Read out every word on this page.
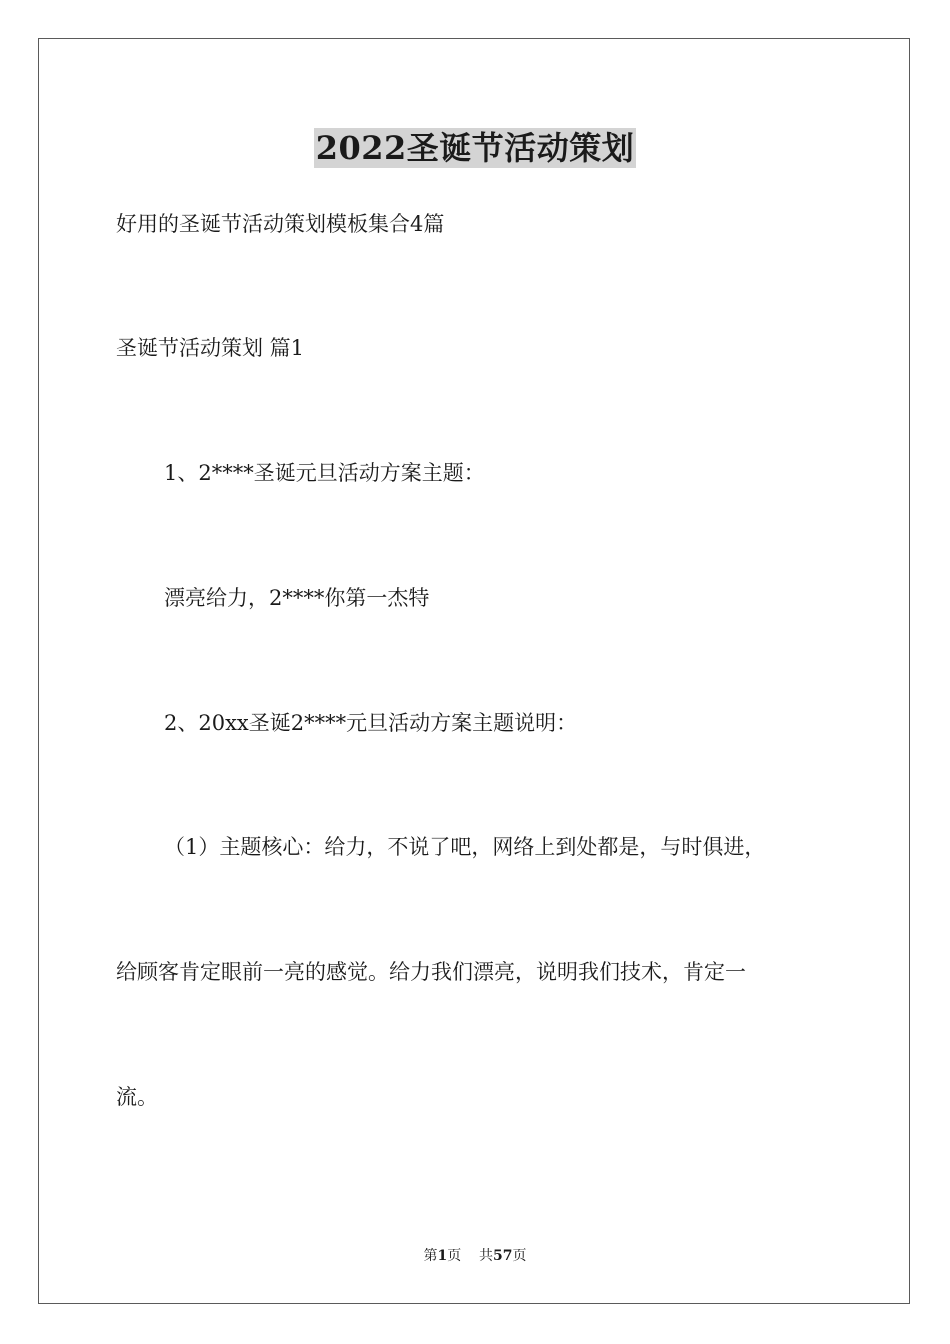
2022圣诞节活动策划

好用的圣诞节活动策划模板集合4篇

圣诞节活动策划 篇1

1、2****圣诞元旦活动方案主题：

漂亮给力，2****你第一杰特

2、20xx圣诞2****元旦活动方案主题说明：

（1）主题核心：给力，不说了吧，网络上到处都是，与时俱进，

给顾客肯定眼前一亮的感觉。给力我们漂亮，说明我们技术，肯定一

流。

第1页 共57页
